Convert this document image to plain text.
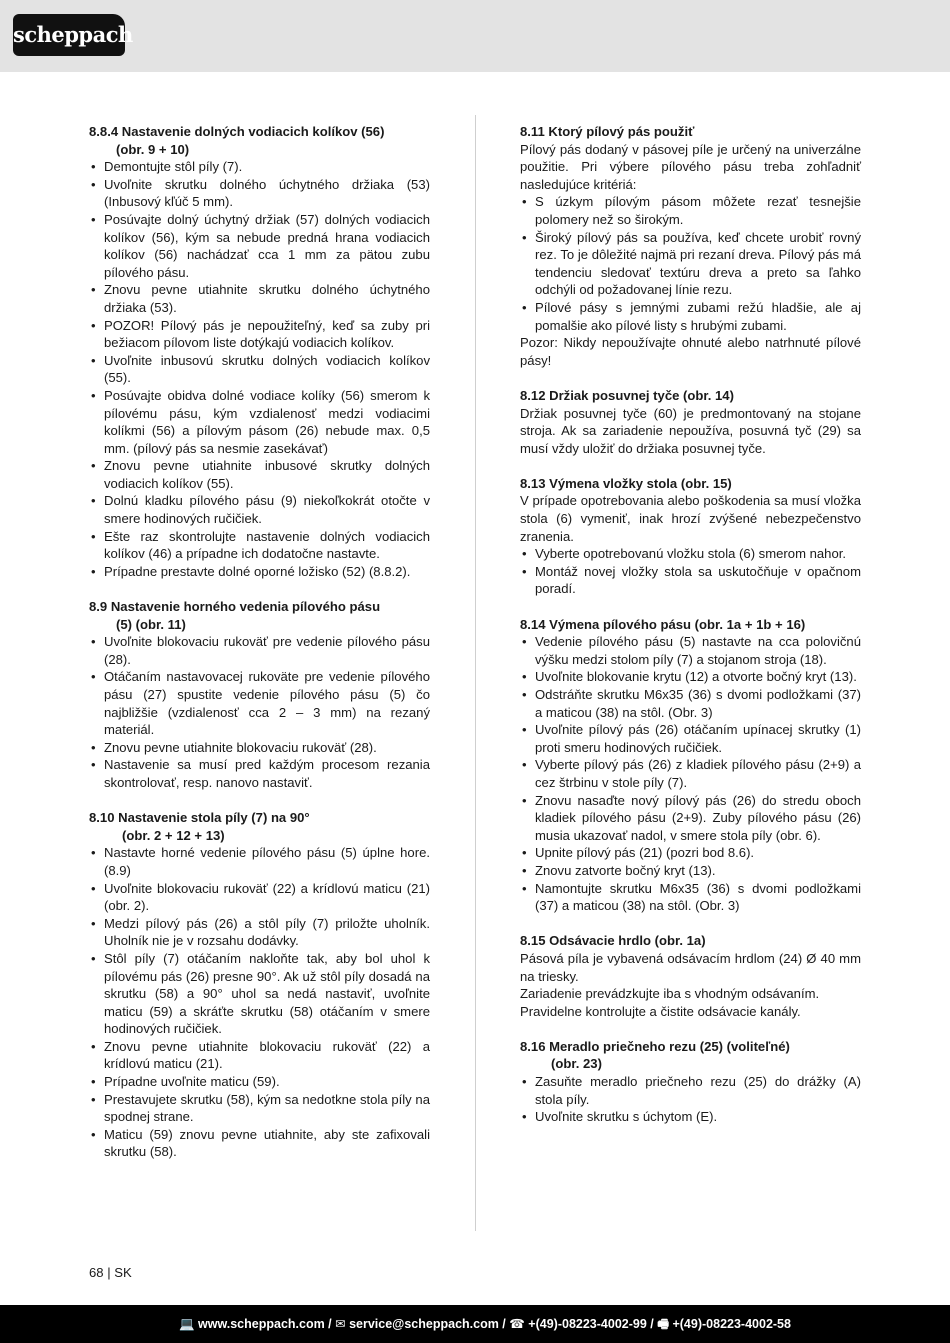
scheppach
8.8.4 Nastavenie dolných vodiacich kolíkov (56)
(obr. 9 + 10)
• Demontujte stôl píly (7).
• Uvoľnite skrutku dolného úchytného držiaka (53) (Inbusový kľúč 5 mm).
• Posúvajte dolný úchytný držiak (57) dolných vodiacich kolíkov (56), kým sa nebude predná hrana vodiacich kolíkov (56) nachádzať cca 1 mm za pätou zubu pílového pásu.
• Znovu pevne utiahnite skrutku dolného úchytného držiaka (53).
• POZOR! Pílový pás je nepoužiteľný, keď sa zuby pri bežiacom pílovom liste dotýkajú vodiacich kolíkov.
• Uvoľnite inbusovú skrutku dolných vodiacich kolíkov (55).
• Posúvajte obidva dolné vodiace kolíky (56) smerom k pílovému pásu, kým vzdialenosť medzi vodiacimi kolíkmi (56) a pílovým pásom (26) nebude max. 0,5 mm. (pílový pás sa nesmie zasekávať)
• Znovu pevne utiahnite inbusové skrutky dolných vodiacich kolíkov (55).
• Dolnú kladku pílového pásu (9) niekoľkokrát otočte v smere hodinových ručičiek.
• Ešte raz skontrolujte nastavenie dolných vodiacich kolíkov (46) a prípadne ich dodatočne nastavte.
• Prípadne prestavte dolné oporné ložisko (52) (8.8.2).
8.9 Nastavenie horného vedenia pílového pásu
(5) (obr. 11)
• Uvoľnite blokovaciu rukoväť pre vedenie pílového pásu (28).
• Otáčaním nastavovacej rukoväte pre vedenie pílového pásu (27) spustite vedenie pílového pásu (5) čo najbližšie (vzdialenosť cca 2 – 3 mm) na rezaný materiál.
• Znovu pevne utiahnite blokovaciu rukoväť (28).
• Nastavenie sa musí pred každým procesom rezania skontrolovať, resp. nanovo nastaviť.
8.10 Nastavenie stola píly (7) na 90°
(obr. 2 + 12 + 13)
• Nastavte horné vedenie pílového pásu (5) úplne hore. (8.9)
• Uvoľnite blokovaciu rukoväť (22) a krídlovú maticu (21) (obr. 2).
• Medzi pílový pás (26) a stôl píly (7) priložte uholník. Uholník nie je v rozsahu dodávky.
• Stôl píly (7) otáčaním nakloňte tak, aby bol uhol k pílovému pás (26) presne 90°. Ak už stôl píly dosadá na skrutku (58) a 90° uhol sa nedá nastaviť, uvoľnite maticu (59) a skráťte skrutku (58) otáčaním v smere hodinových ručičiek.
• Znovu pevne utiahnite blokovaciu rukoväť (22) a krídlovú maticu (21).
• Prípadne uvoľnite maticu (59).
• Prestavujete skrutku (58), kým sa nedotkne stola píly na spodnej strane.
• Maticu (59) znovu pevne utiahnite, aby ste zafixovali skrutku (58).
8.11 Ktorý pílový pás použiť

Pílový pás dodaný v pásovej píle je určený na univerzálne použitie. Pri výbere pílového pásu treba zohľadniť nasledujúce kritériá:

• S úzkym pílovým pásom môžete rezať tesnejšie polomery než so širokým.
• Široký pílový pás sa používa, keď chcete urobiť rovný rez. To je dôležité najmä pri rezaní dreva. Pílový pás má tendenciu sledovať textúru dreva a preto sa ľahko odchýli od požadovanej línie rezu.
• Pílové pásy s jemnými zubami režú hladšie, ale aj pomalšie ako pílové listy s hrubými zubami.

Pozor: Nikdy nepoužívajte ohnuté alebo natrhnuté pílové pásy!

8.12 Držiak posuvnej tyče (obr. 14)

Držiak posuvnej tyče (60) je predmontovaný na stojane stroja. Ak sa zariadenie nepoužíva, posuvná tyč (29) sa musí vždy uložiť do držiaka posuvnej tyče.

8.13 Výmena vložky stola (obr. 15)

V prípade opotrebovania alebo poškodenia sa musí vložka stola (6) vymeniť, inak hrozí zvýšené nebezpečenstvo zranenia.

• Vyberte opotrebovanú vložku stola (6) smerom nahor.
• Montáž novej vložky stola sa uskutočňuje v opačnom poradí.
8.14 Výmena pílového pásu (obr. 1a + 1b + 16)
• Vedenie pílového pásu (5) nastavte na cca polovičnú výšku medzi stolom píly (7) a stojanom stroja (18).
• Uvoľnite blokovanie krytu (12) a otvorte bočný kryt (13).
• Odstráňte skrutku M6x35 (36) s dvomi podložkami (37) a maticou (38) na stôl. (Obr. 3)
• Uvoľnite pílový pás (26) otáčaním upínacej skrutky (1) proti smeru hodinových ručičiek.
• Vyberte pílový pás (26) z kladiek pílového pásu (2+9) a cez štrbinu v stole píly (7).
• Znovu nasaďte nový pílový pás (26) do stredu oboch kladiek pílového pásu (2+9). Zuby pílového pásu (26) musia ukazovať nadol, v smere stola píly (obr. 6).
• Upnite pílový pás (21) (pozri bod 8.6).
• Znovu zatvorte bočný kryt (13).
• Namontujte skrutku M6x35 (36) s dvomi podložkami (37) a maticou (38) na stôl. (Obr. 3)
8.15 Odsávacie hrdlo (obr. 1a)

Pásová píla je vybavená odsávacím hrdlom (24) Ø 40 mm na triesky.

Zariadenie prevádzkujte iba s vhodným odsávaním.

Pravidelne kontrolujte a čistite odsávacie kanály.

8.16 Meradlo priečneho rezu (25) (voliteľné)
(obr. 23)
• Zasuňte meradlo priečneho rezu (25) do drážky (A) stola píly.
• Uvoľnite skrutku s úchytom (E).
68 | SK
💻 www.scheppach.com / ✉ service@scheppach.com / ☎ +(49)-08223-4002-99 / 🖷 +(49)-08223-4002-58
